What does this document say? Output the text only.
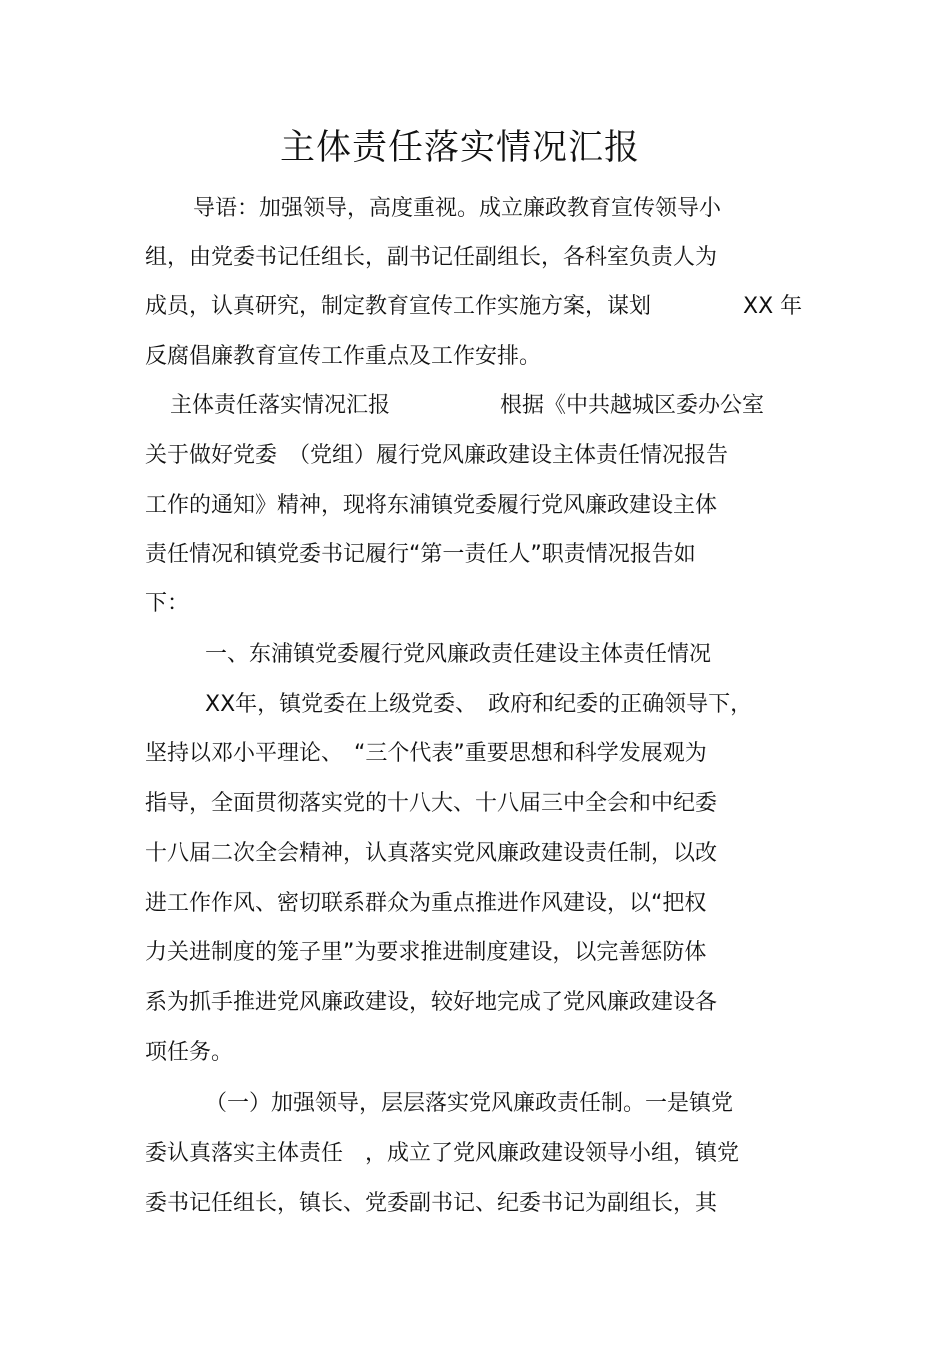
主体责任落实情况汇报
导语：加强领导，高度重视。成立廉政教育宣传领导小
组，由党委书记任组长，副书记任副组长，各科室负责人为
成员，认真研究，制定教育宣传工作实施方案，谋划	XX 年
反腐倡廉教育宣传工作重点及工作安排。
主体责任落实情况汇报	根据《中共越城区委办公室
关于做好党委　（党组）履行党风廉政建设主体责任情况报告
工作的通知》精神，现将东浦镇党委履行党风廉政建设主体
责任情况和镇党委书记履行“第一责任人”职责情况报告如
下：
一、东浦镇党委履行党风廉政责任建设主体责任情况
XX年，镇党委在上级党委、　政府和纪委的正确领导下，
坚持以邓小平理论、　“三个代表”重要思想和科学发展观为
指导，全面贯彻落实党的十八大、十八届三中全会和中纪委
十八届二次全会精神，认真落实党风廉政建设责任制，以改
进工作作风、密切联系群众为重点推进作风建设，以“把权
力关进制度的笼子里”为要求推进制度建设，以完善惩防体
系为抓手推进党风廉政建设，较好地完成了党风廉政建设各
项任务。
（一）加强领导，层层落实党风廉政责任制。一是镇党
委认真落实主体责任　，成立了党风廉政建设领导小组，镇党
委书记任组长，镇长、党委副书记、纪委书记为副组长，其
